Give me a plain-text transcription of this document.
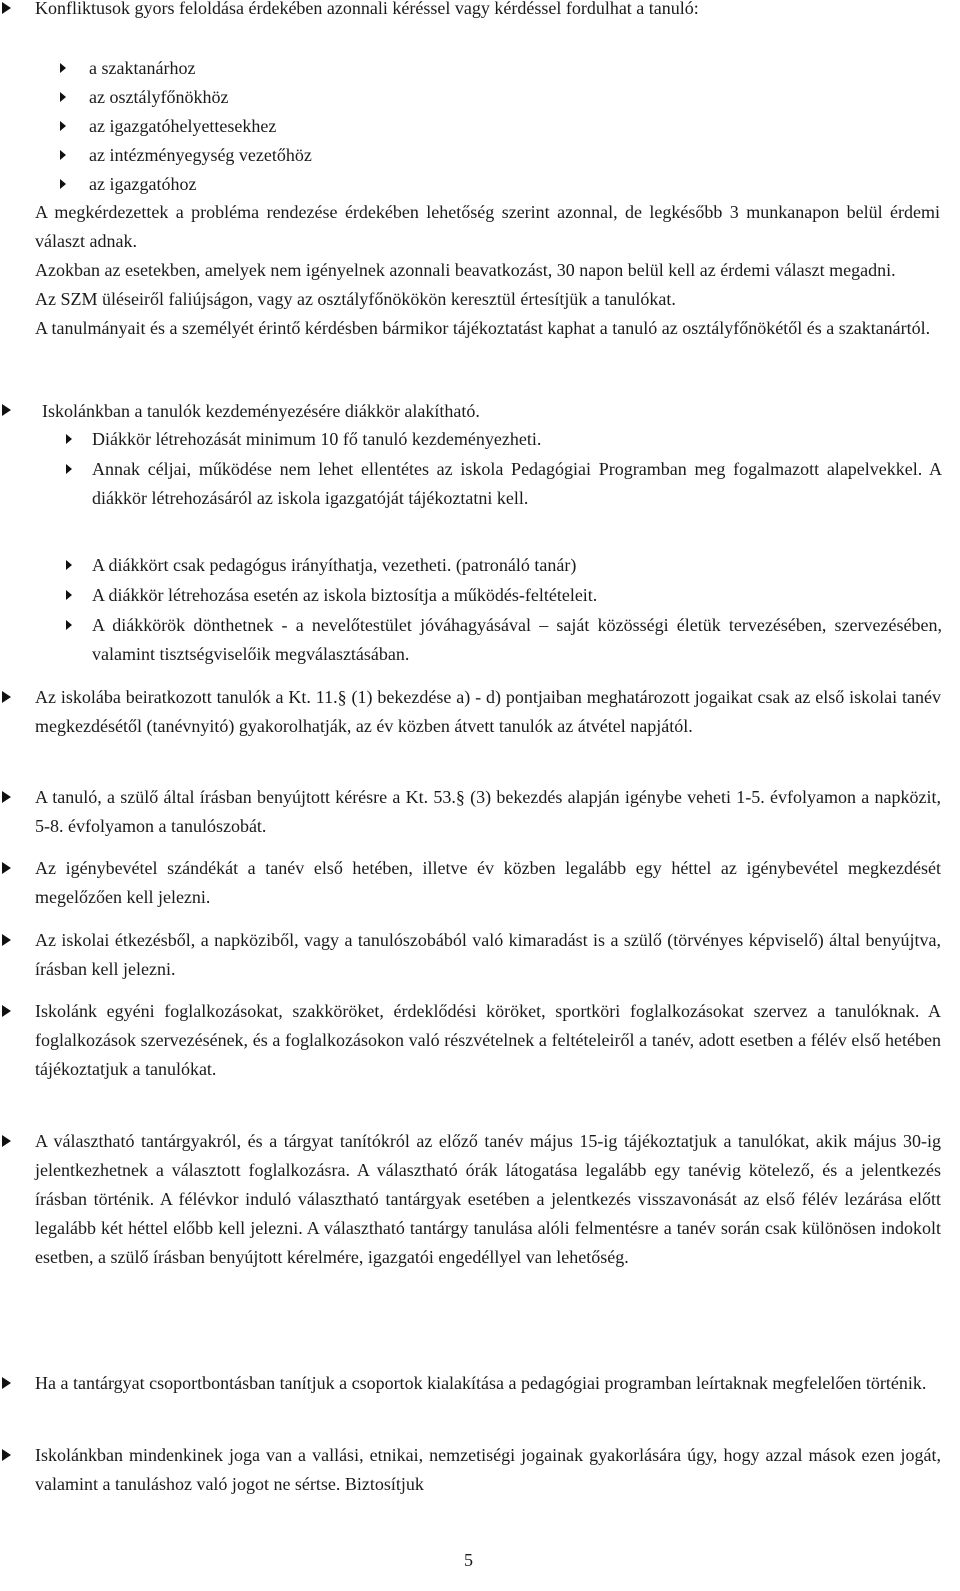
Konfliktusok gyors feloldása érdekében azonnali kéréssel vagy kérdéssel fordulhat a tanuló:

a szaktanárhoz
az osztályfőnökhöz
az igazgatóhelyettesekhez
az intézményegység vezetőhöz
az igazgatóhoz

A megkérdezettek a probléma rendezése érdekében lehetőség szerint azonnal, de legkésőbb 3 munkanapon belül érdemi választ adnak.

Azokban az esetekben, amelyek nem igényelnek azonnali beavatkozást, 30 napon belül kell az érdemi választ megadni.

Az SZM üléseiről faliújságon, vagy az osztályfőnökökön keresztül értesítjük a tanulókat.

A tanulmányait és a személyét érintő kérdésben bármikor tájékoztatást kaphat a tanuló az osztályfőnökétől és a szaktanártól.

Iskolánkban a tanulók kezdeményezésére diákkör alakítható.
Diákkör létrehozását minimum 10 fő tanuló kezdeményezheti.
Annak céljai, működése nem lehet ellentétes az iskola Pedagógiai Programban meg fogalmazott alapelvekkel. A diákkör létrehozásáról az iskola igazgatóját tájékoztatni kell.
A diákkört csak pedagógus irányíthatja, vezetheti. (patronáló tanár)
A diákkör létrehozása esetén az iskola biztosítja a működés-feltételeit.
A diákkörök dönthetnek - a nevelőtestület jóváhagyásával – saját közösségi életük tervezésében, szervezésében, valamint tisztségviselőik megválasztásában.
Az iskolába beiratkozott tanulók a Kt. 11.§ (1) bekezdése a) - d) pontjaiban meghatározott jogaikat csak az első iskolai tanév megkezdésétől (tanévnyitó) gyakorolhatják, az év közben átvett tanulók az átvétel napjától.
A tanuló, a szülő által írásban benyújtott kérésre a Kt. 53.§ (3) bekezdés alapján igénybe veheti 1-5. évfolyamon a napközit, 5-8. évfolyamon a tanulószobát.
Az igénybevétel szándékát a tanév első hetében, illetve év közben legalább egy héttel az igénybevétel megkezdését megelőzően kell jelezni.
Az iskolai étkezésből, a napköziből, vagy a tanulószobából való kimaradást is a szülő (törvényes képviselő) által benyújtva, írásban kell jelezni.
Iskolánk egyéni foglalkozásokat, szakköröket, érdeklődési köröket, sportköri foglalkozásokat szervez a tanulóknak. A foglalkozások szervezésének, és a foglalkozásokon való részvételnek a feltételeiről a tanév, adott esetben a félév első hetében tájékoztatjuk a tanulókat.
A választható tantárgyakról, és a tárgyat tanítókról az előző tanév május 15-ig tájékoztatjuk a tanulókat, akik május 30-ig jelentkezhetnek a választott foglalkozásra. A választható órák látogatása legalább egy tanévig kötelező, és a jelentkezés írásban történik. A félévkor induló választható tantárgyak esetében a jelentkezés visszavonását az első félév lezárása előtt legalább két héttel előbb kell jelezni. A választható tantárgy tanulása alóli felmentésre a tanév során csak különösen indokolt esetben, a szülő írásban benyújtott kérelmére, igazgatói engedéllyel van lehetőség.
Ha a tantárgyat csoportbontásban tanítjuk a csoportok kialakítása a pedagógiai programban leírtaknak megfelelően történik.
Iskolánkban mindenkinek joga van a vallási, etnikai, nemzetiségi jogainak gyakorlására úgy, hogy azzal mások ezen jogát, valamint a tanuláshoz való jogot ne sértse. Biztosítjuk
5
